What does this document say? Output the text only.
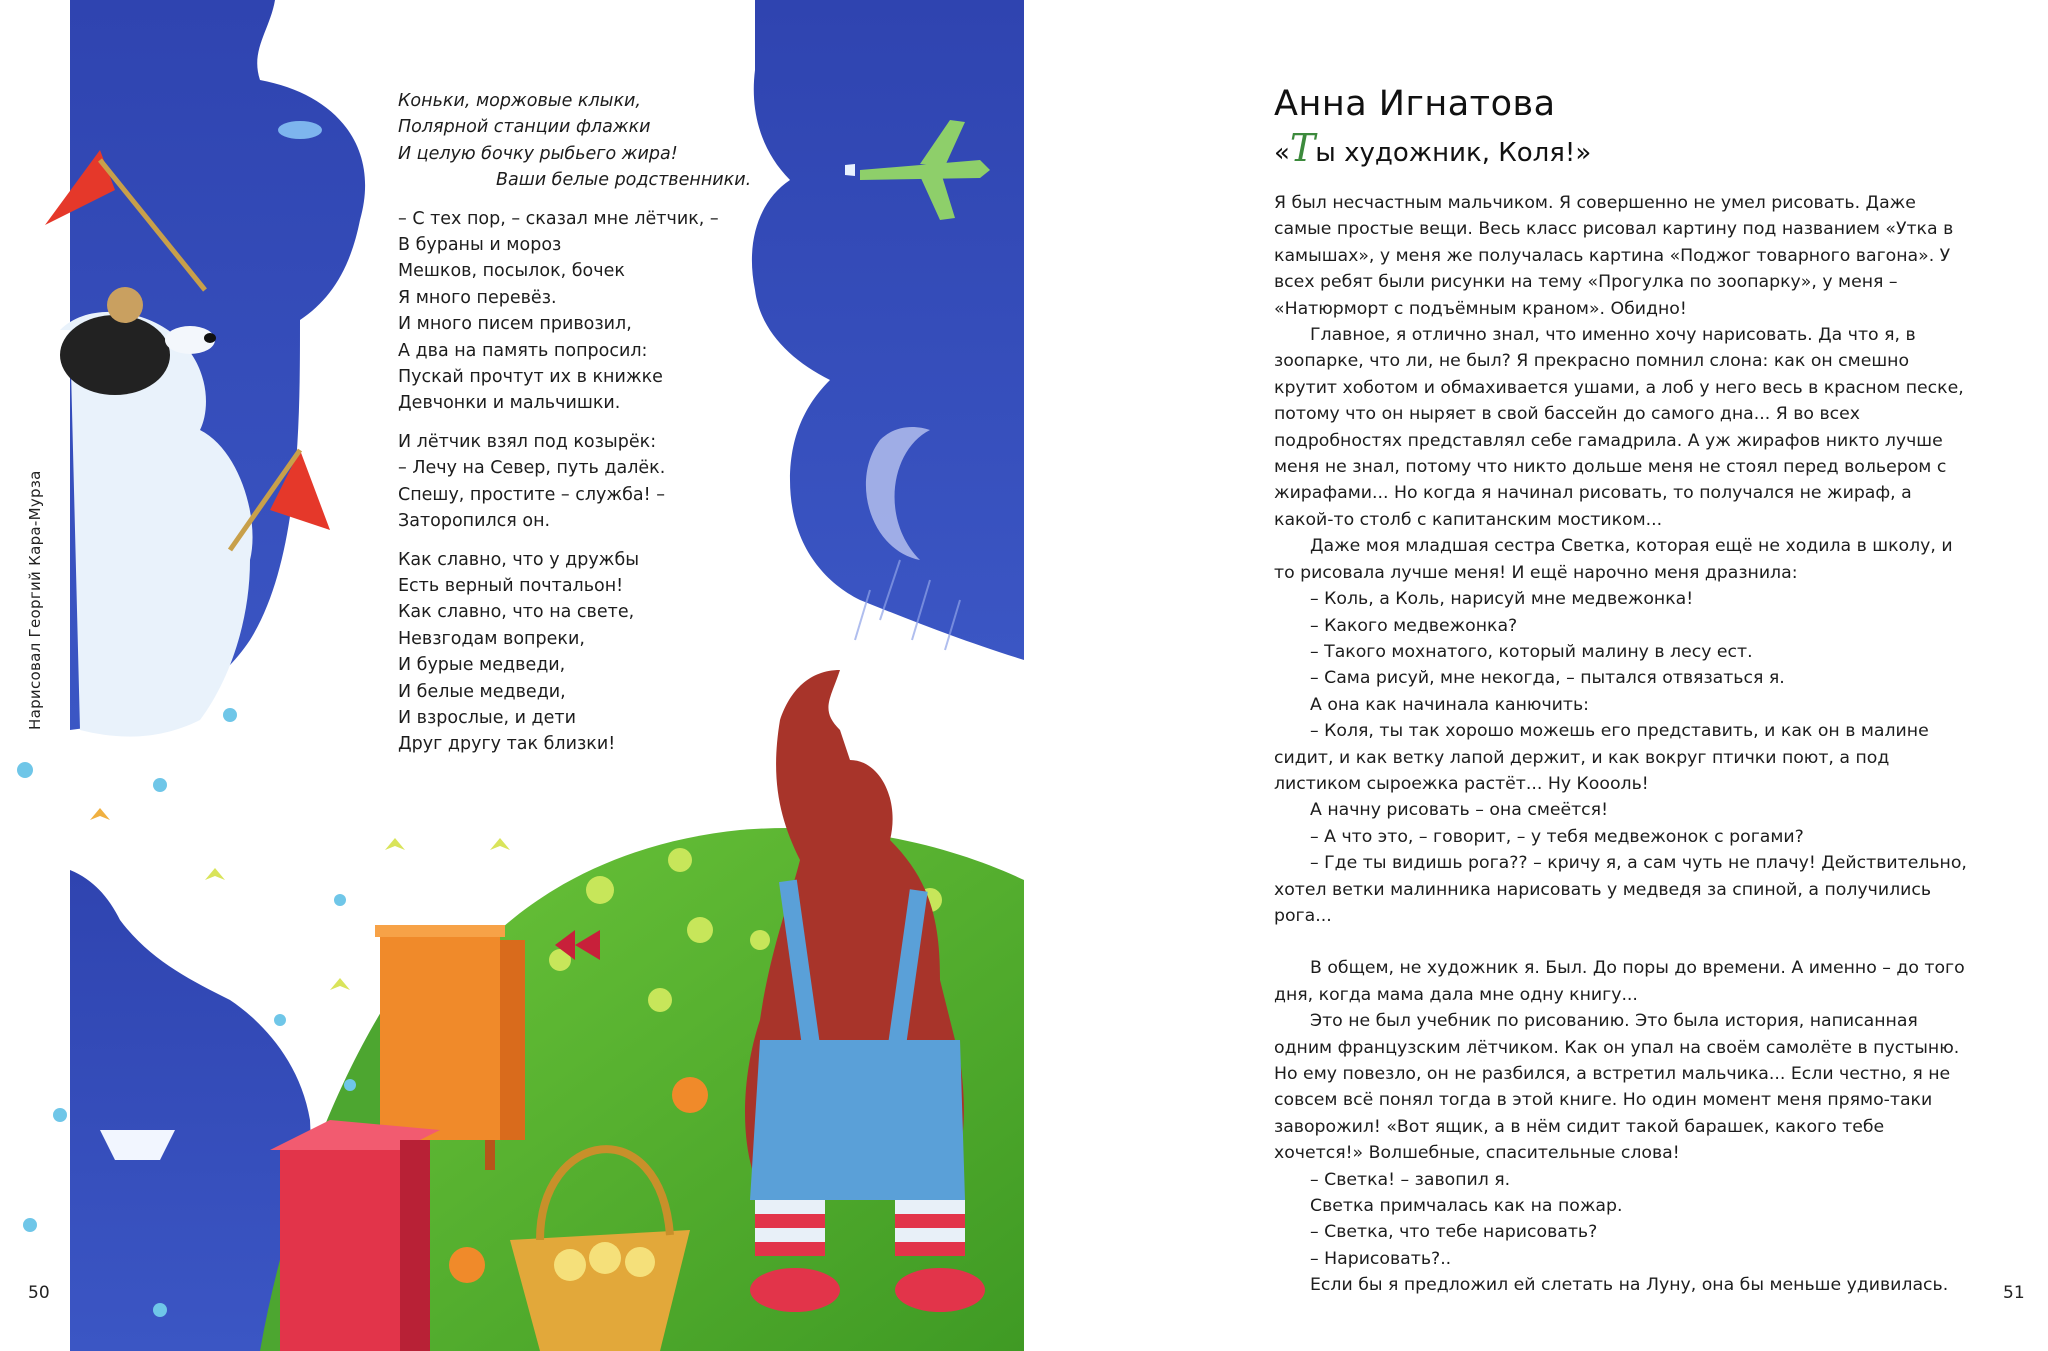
Коньки, моржовые клыки,
Полярной станции флажки
И целую бочку рыбьего жира!
Ваши белые родственники.
– С тех пор, – сказал мне лётчик, –
В бураны и мороз
Мешков, посылок, бочек
Я много перевёз.
И много писем привозил,
А два на память попросил:
Пускай прочтут их в книжке
Девчонки и мальчишки.
И лётчик взял под козырёк:
– Лечу на Север, путь далёк.
Спешу, простите – служба! –
Заторопился он.
Как славно, что у дружбы
Есть верный почтальон!
Как славно, что на свете,
Невзгодам вопреки,
И бурые медведи,
И белые медведи,
И взрослые, и дети
Друг другу так близки!
Нарисовал Георгий Кара-Мурза
50
Анна Игнатова
«Ты художник, Коля!»
Я был несчастным мальчиком. Я совершенно не умел рисовать. Даже самые простые вещи. Весь класс рисовал картину под названием «Утка в камышах», у меня же получалась картина «Поджог товарного вагона». У всех ребят были рисунки на тему «Прогулка по зоопарку», у меня – «Натюрморт с подъёмным краном». Обидно!
Главное, я отлично знал, что именно хочу нарисовать. Да что я, в зоопарке, что ли, не был? Я прекрасно помнил слона: как он смешно крутит хоботом и обмахивается ушами, а лоб у него весь в красном песке, потому что он ныряет в свой бассейн до самого дна... Я во всех подробностях представлял себе гамадрила. А уж жирафов никто лучше меня не знал, потому что никто дольше меня не стоял перед вольером с жирафами... Но когда я начинал рисовать, то получался не жираф, а какой-то столб с капитанским мостиком...
Даже моя младшая сестра Светка, которая ещё не ходила в школу, и то рисовала лучше меня! И ещё нарочно меня дразнила:
– Коль, а Коль, нарисуй мне медвежонка!
– Какого медвежонка?
– Такого мохнатого, который малину в лесу ест.
– Сама рисуй, мне некогда, – пытался отвязаться я.
А она как начинала канючить:
– Коля, ты так хорошо можешь его представить, и как он в малине сидит, и как ветку лапой держит, и как вокруг птички поют, а под листиком сыроежка растёт... Ну Коооль!
А начну рисовать – она смеётся!
– А что это, – говорит, – у тебя медвежонок с рогами?
– Где ты видишь рога?? – кричу я, а сам чуть не плачу! Действительно, хотел ветки малинника нарисовать у медведя за спиной, а получились рога...
В общем, не художник я. Был. До поры до времени. А именно – до того дня, когда мама дала мне одну книгу...
Это не был учебник по рисованию. Это была история, написанная одним французским лётчиком. Как он упал на своём самолёте в пустыню. Но ему повезло, он не разбился, а встретил мальчика... Если честно, я не совсем всё понял тогда в этой книге. Но один момент меня прямо-таки заворожил! «Вот ящик, а в нём сидит такой барашек, какого тебе хочется!» Волшебные, спасительные слова!
– Светка! – завопил я.
Светка примчалась как на пожар.
– Светка, что тебе нарисовать?
– Нарисовать?..
Если бы я предложил ей слетать на Луну, она бы меньше удивилась.	51
